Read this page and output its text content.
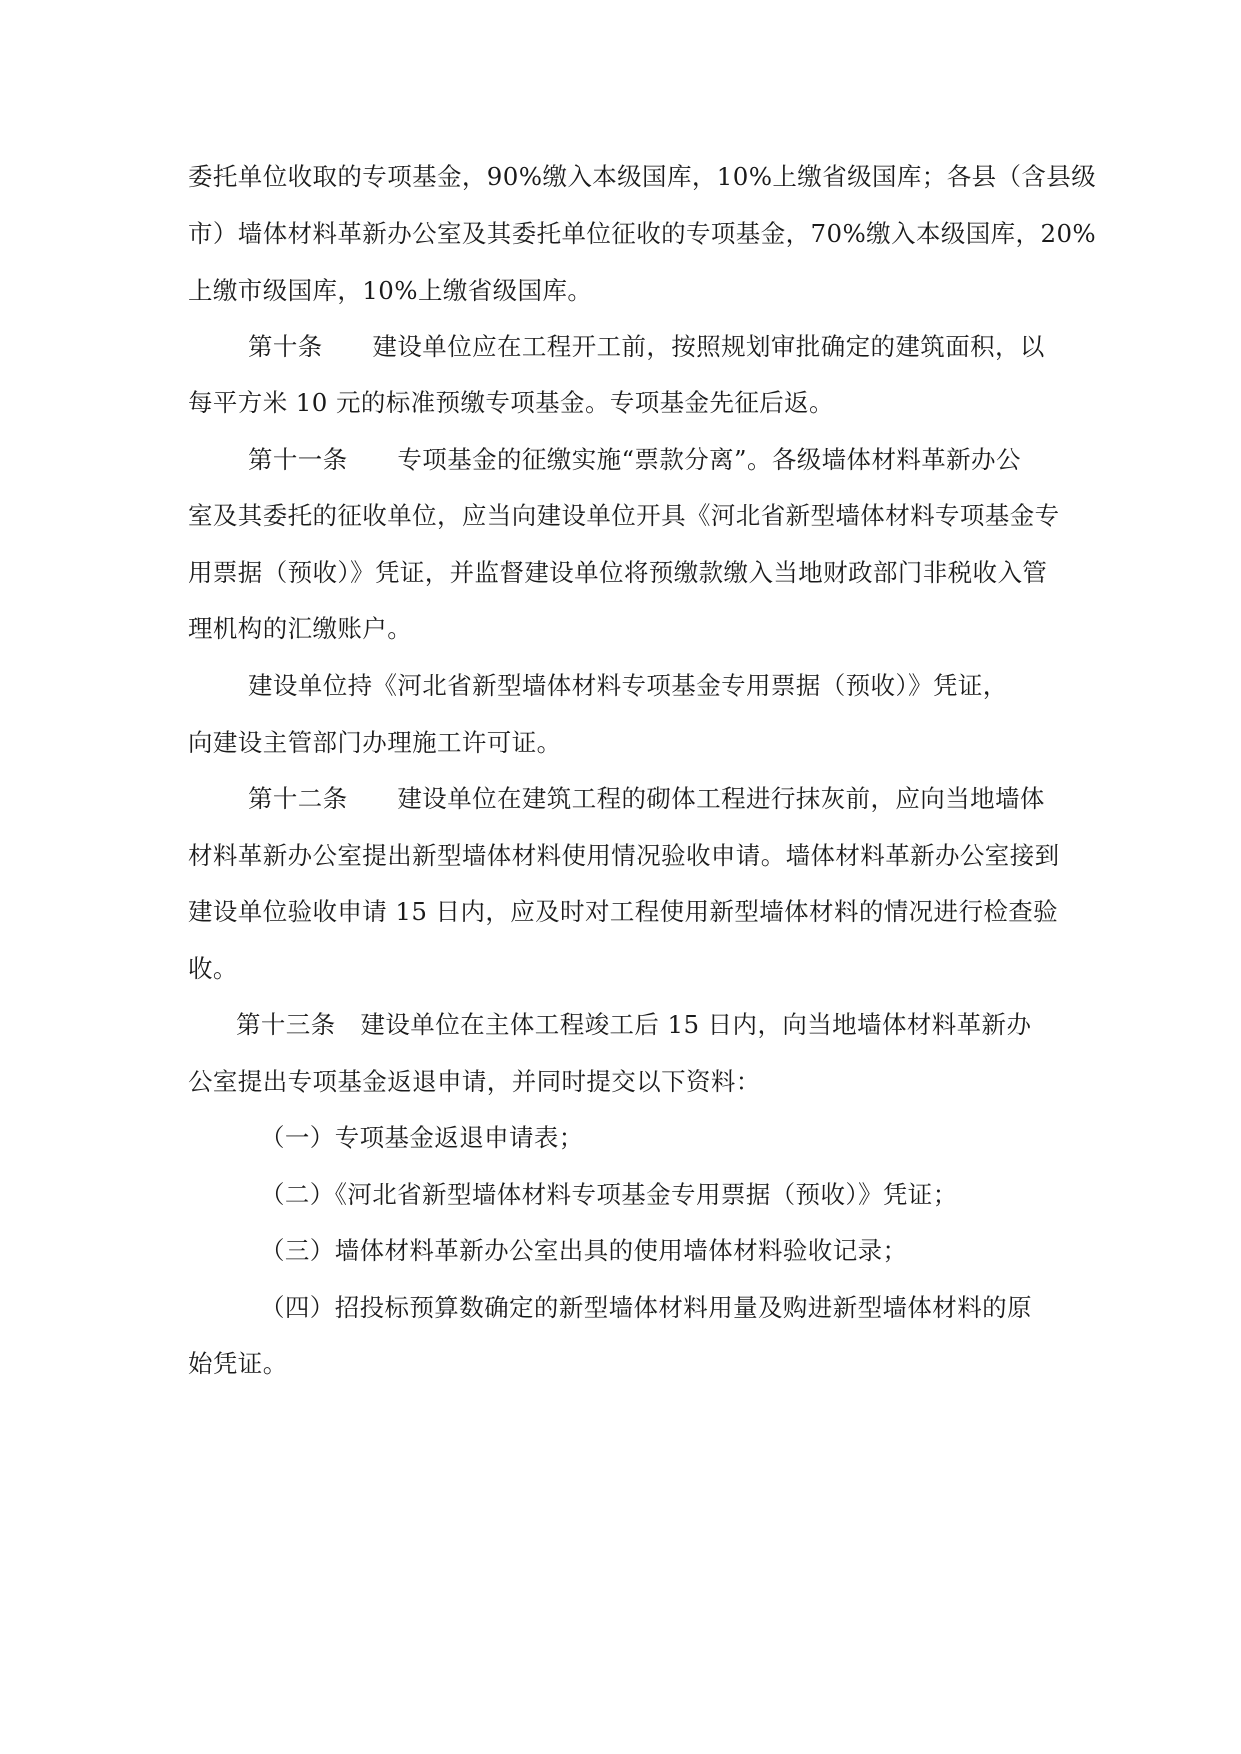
委托单位收取的专项基金，90%缴入本级国库，10%上缴省级国库；各县（含县级
市）墙体材料革新办公室及其委托单位征收的专项基金，70%缴入本级国库，20%
上缴市级国库，10%上缴省级国库。
第十条　　建设单位应在工程开工前，按照规划审批确定的建筑面积，以
每平方米 10 元的标准预缴专项基金。专项基金先征后返。
第十一条　　专项基金的征缴实施“票款分离”。各级墙体材料革新办公
室及其委托的征收单位，应当向建设单位开具《河北省新型墙体材料专项基金专
用票据（预收）》凭证，并监督建设单位将预缴款缴入当地财政部门非税收入管
理机构的汇缴账户。
建设单位持《河北省新型墙体材料专项基金专用票据（预收）》凭证，
向建设主管部门办理施工许可证。
第十二条　　建设单位在建筑工程的砌体工程进行抹灰前，应向当地墙体
材料革新办公室提出新型墙体材料使用情况验收申请。墙体材料革新办公室接到
建设单位验收申请 15 日内，应及时对工程使用新型墙体材料的情况进行检查验
收。
第十三条　建设单位在主体工程竣工后 15 日内，向当地墙体材料革新办
公室提出专项基金返退申请，并同时提交以下资料：
（一）专项基金返退申请表；
（二）《河北省新型墙体材料专项基金专用票据（预收）》凭证；
（三）墙体材料革新办公室出具的使用墙体材料验收记录；
（四）招投标预算数确定的新型墙体材料用量及购进新型墙体材料的原
始凭证。
